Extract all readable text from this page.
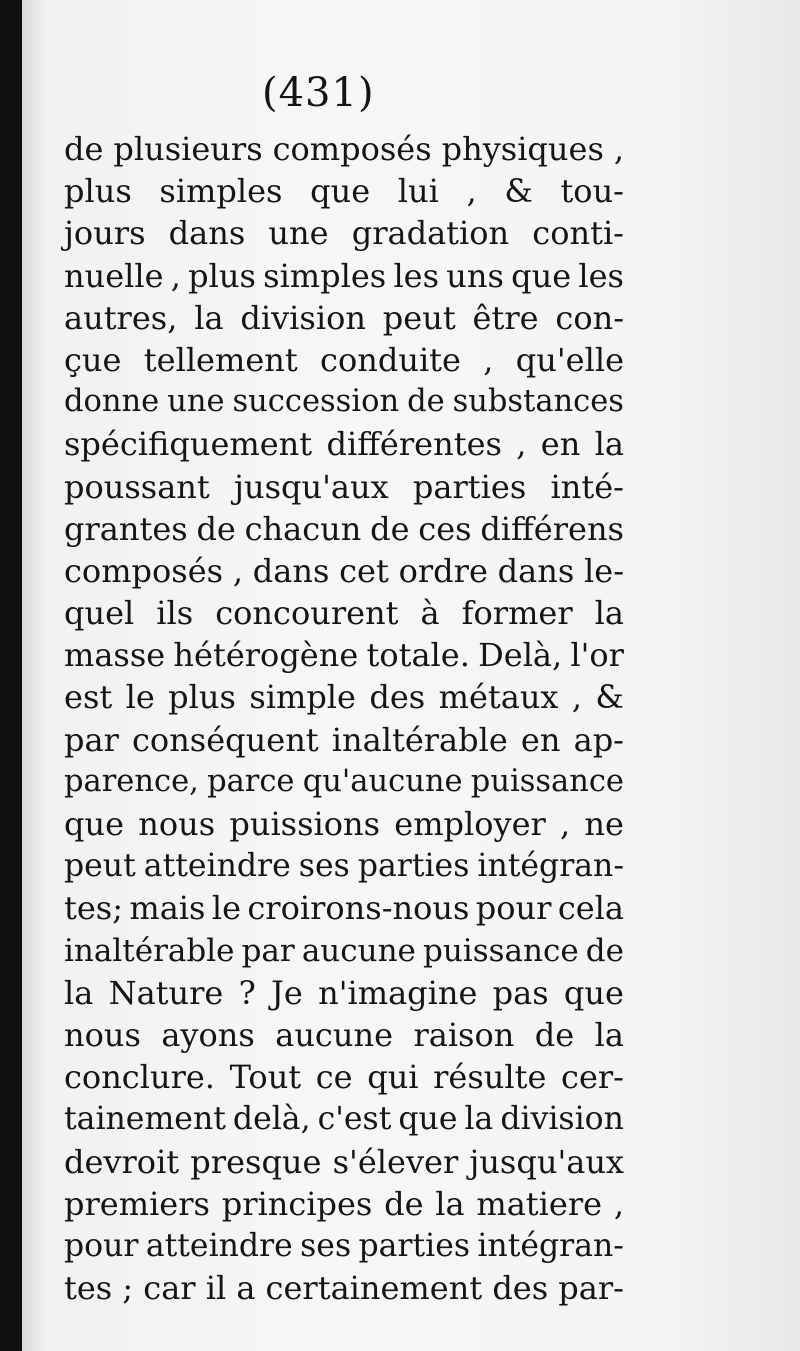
(431)
de plusieurs composés physiques ,
plus simples que lui , & tou-
jours dans une gradation conti-
nuelle , plus simples les uns que les
autres, la division peut être con-
çue tellement conduite , qu'elle
donne une succession de substances
spécifiquement différentes , en la
poussant jusqu'aux parties inté-
grantes de chacun de ces différens
composés , dans cet ordre dans le-
quel ils concourent à former la
masse hétérogène totale. Delà, l'or
est le plus simple des métaux , &
par conséquent inaltérable en ap-
parence, parce qu'aucune puissance
que nous puissions employer , ne
peut atteindre ses parties intégran-
tes; mais le croirons-nous pour cela
inaltérable par aucune puissance de
la Nature ? Je n'imagine pas que
nous ayons aucune raison de la
conclure. Tout ce qui résulte cer-
tainement delà, c'est que la division
devroit presque s'élever jusqu'aux
premiers principes de la matiere ,
pour atteindre ses parties intégran-
tes ; car il a certainement des par-
